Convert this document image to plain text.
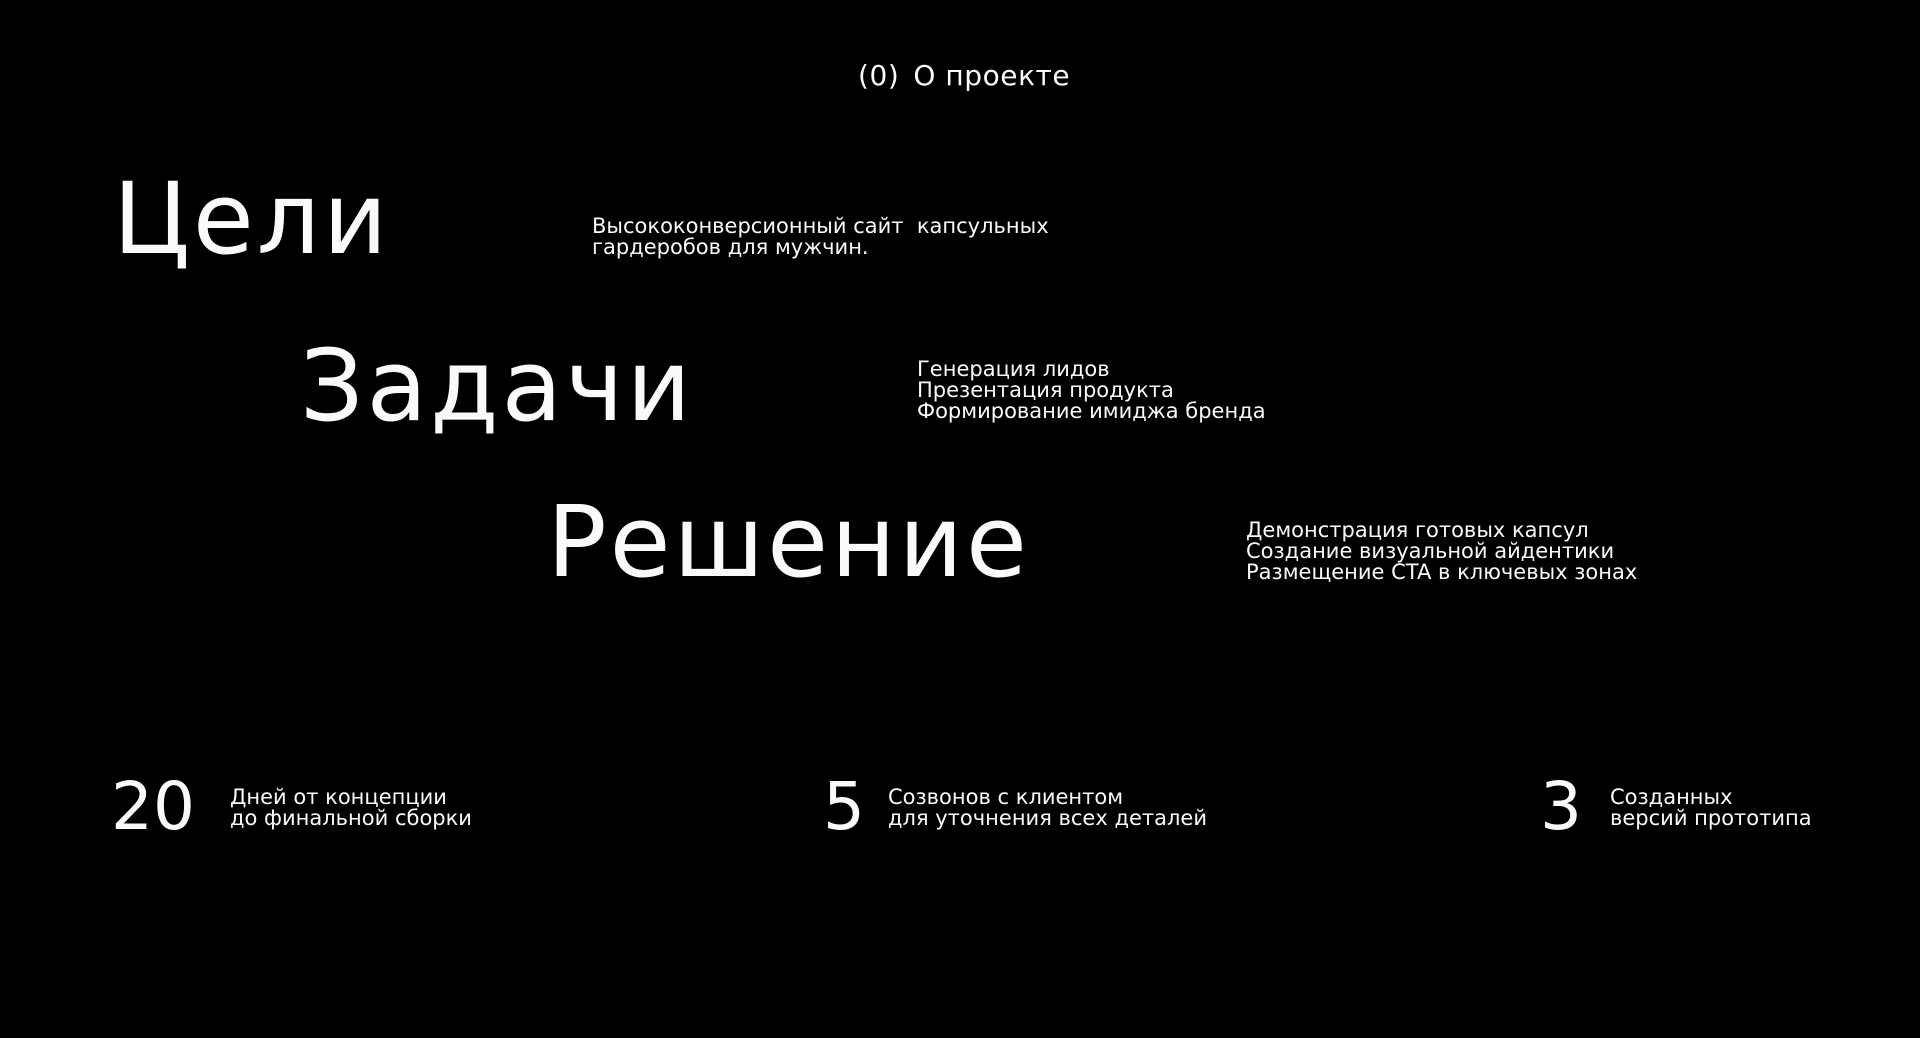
(0) О проекте
Цели	Высококонверсионный сайт  капсульных
гардеробов для мужчин.
Задачи	Генерация лидов
Презентация продукта
Формирование имиджа бренда
Решение	Демонстрация готовых капсул
Создание визуальной айдентики
Размещение CTA в ключевых зонах
20 Дней от концепции
до финальной сборки	5 Созвонов с клиентом
для уточнения всех деталей	3 Созданных
версий прототипа
